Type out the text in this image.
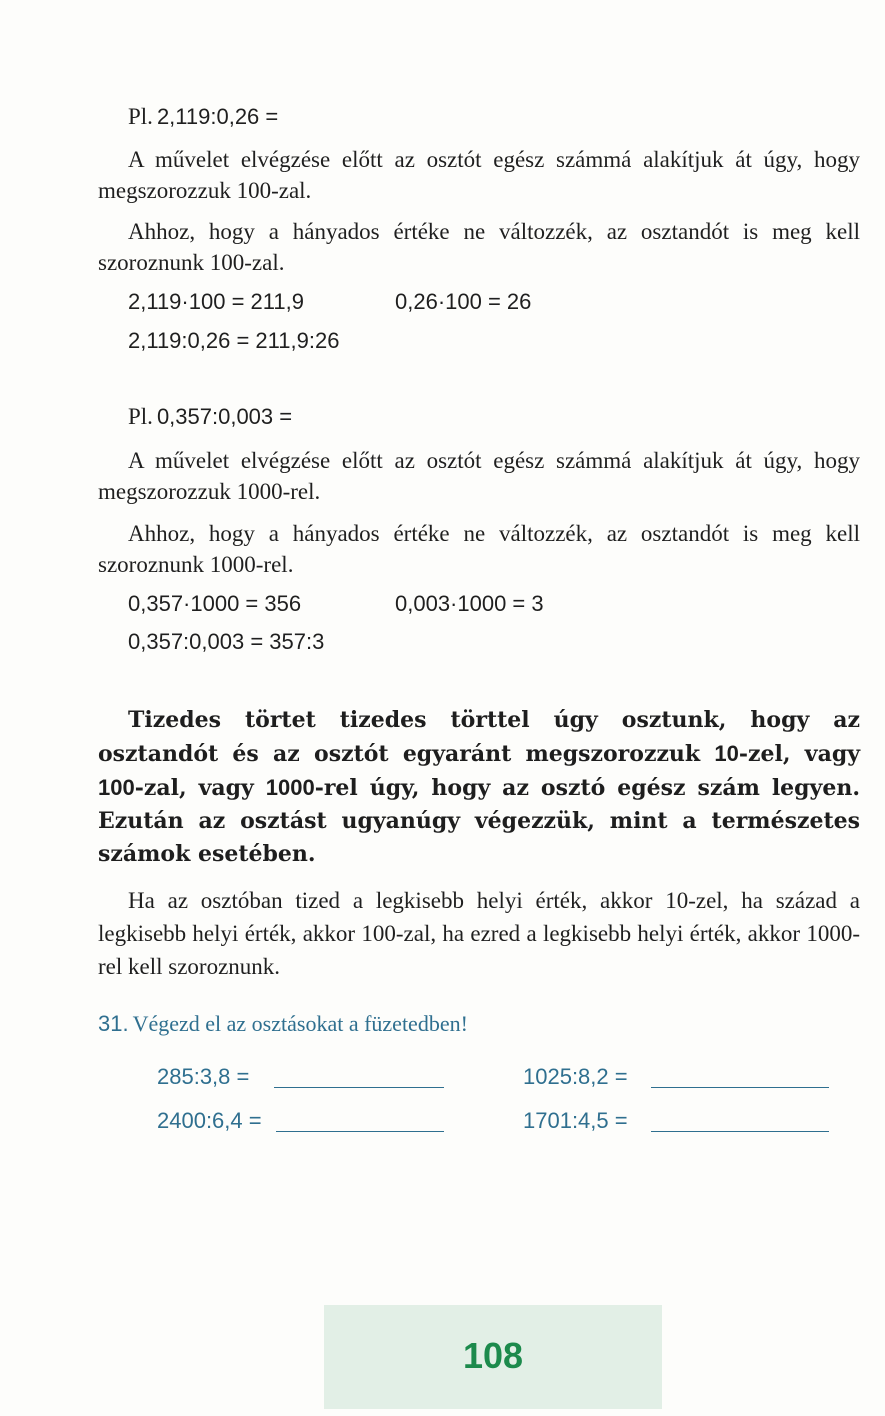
Pl. 2,119:0,26 =
A művelet elvégzése előtt az osztót egész számmá alakítjuk át úgy, hogy megszorozzuk 100-zal.
Ahhoz, hogy a hányados értéke ne változzék, az osztandót is meg kell szoroznunk 100-zal.
2,119·100 = 211,9	0,26·100 = 26
2,119:0,26 = 211,9:26
Pl. 0,357:0,003 =
A művelet elvégzése előtt az osztót egész számmá alakítjuk át úgy, hogy megszorozzuk 1000-rel.
Ahhoz, hogy a hányados értéke ne változzék, az osztandót is meg kell szoroznunk 1000-rel.
0,357·1000 = 356	0,003·1000 = 3
0,357:0,003 = 357:3
Tizedes törtet tizedes törttel úgy osztunk, hogy az osztandót és az osztót egyaránt megszorozzuk 10-zel, vagy 100-zal, vagy 1000-rel úgy, hogy az osztó egész szám legyen. Ezután az osztást ugyanúgy végezzük, mint a természetes számok esetében.
Ha az osztóban tized a legkisebb helyi érték, akkor 10-zel, ha század a legkisebb helyi érték, akkor 100-zal, ha ezred a legkisebb helyi érték, akkor 1000-rel kell szoroznunk.
31. Végezd el az osztásokat a füzetedben!
285:3,8 =	1025:8,2 =
2400:6,4 =	1701:4,5 =
108
